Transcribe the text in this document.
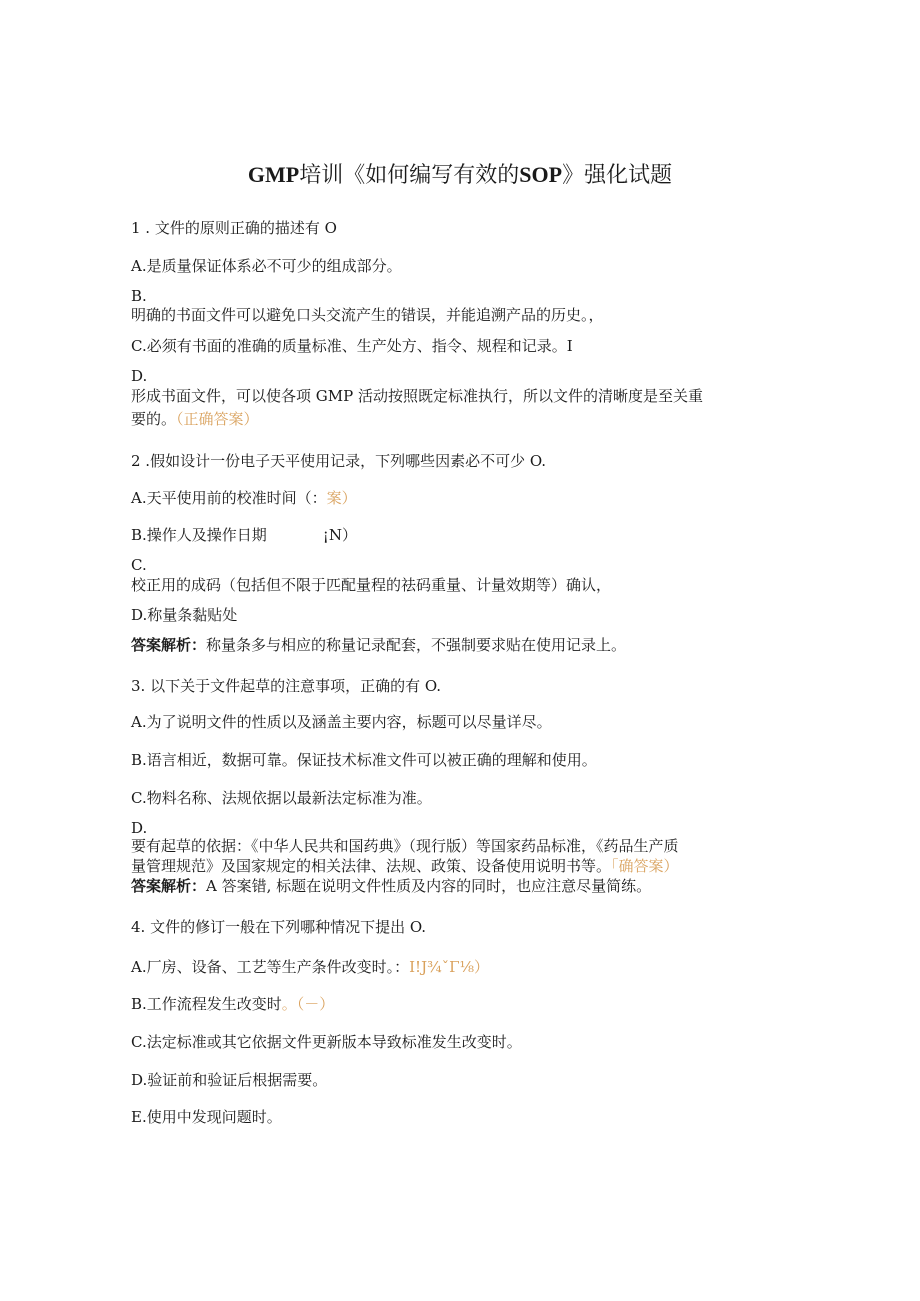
GMP培训《如何编写有效的SOP》强化试题
1 . 文件的原则正确的描述有 O
A.是质量保证体系必不可少的组成部分。
B.
明确的书面文件可以避免口头交流产生的错误，并能追溯产品的历史。，
C.必须有书面的准确的质量标准、生产处方、指令、规程和记录。I
D.
形成书面文件，可以使各项 GMP 活动按照既定标准执行，所以文件的清晰度是至关重
要的。（正确答案）
2 .假如设计一份电子天平使用记录，下列哪些因素必不可少 O.
A.天平使用前的校准时间（：案）
B.操作人及操作日期	¡N）
C.
校正用的成码（包括但不限于匹配量程的祛码重量、计量效期等）确认，
D.称量条黏贴处
答案解析：称量条多与相应的称量记录配套，不强制要求贴在使用记录上。
3. 以下关于文件起草的注意事项，正确的有 O.
A.为了说明文件的性质以及涵盖主要内容，标题可以尽量详尽。
B.语言相近，数据可靠。保证技术标准文件可以被正确的理解和使用。
C.物料名称、法规依据以最新法定标准为准。
D.
要有起草的依据：《中华人民共和国药典》（现行版）等国家药品标准，《药品生产质
量管理规范》及国家规定的相关法律、法规、政策、设备使用说明书等。「确答案）
答案解析：A 答案错, 标题在说明文件性质及内容的同时，也应注意尽量简练。
4. 文件的修订一般在下列哪种情况下提出 O.
A.厂房、设备、工艺等生产条件改变时。：I!J¾ˇΓ⅛）
B.工作流程发生改变时。（－）
C.法定标准或其它依据文件更新版本导致标准发生改变时。
D.验证前和验证后根据需要。
E.使用中发现问题时。
